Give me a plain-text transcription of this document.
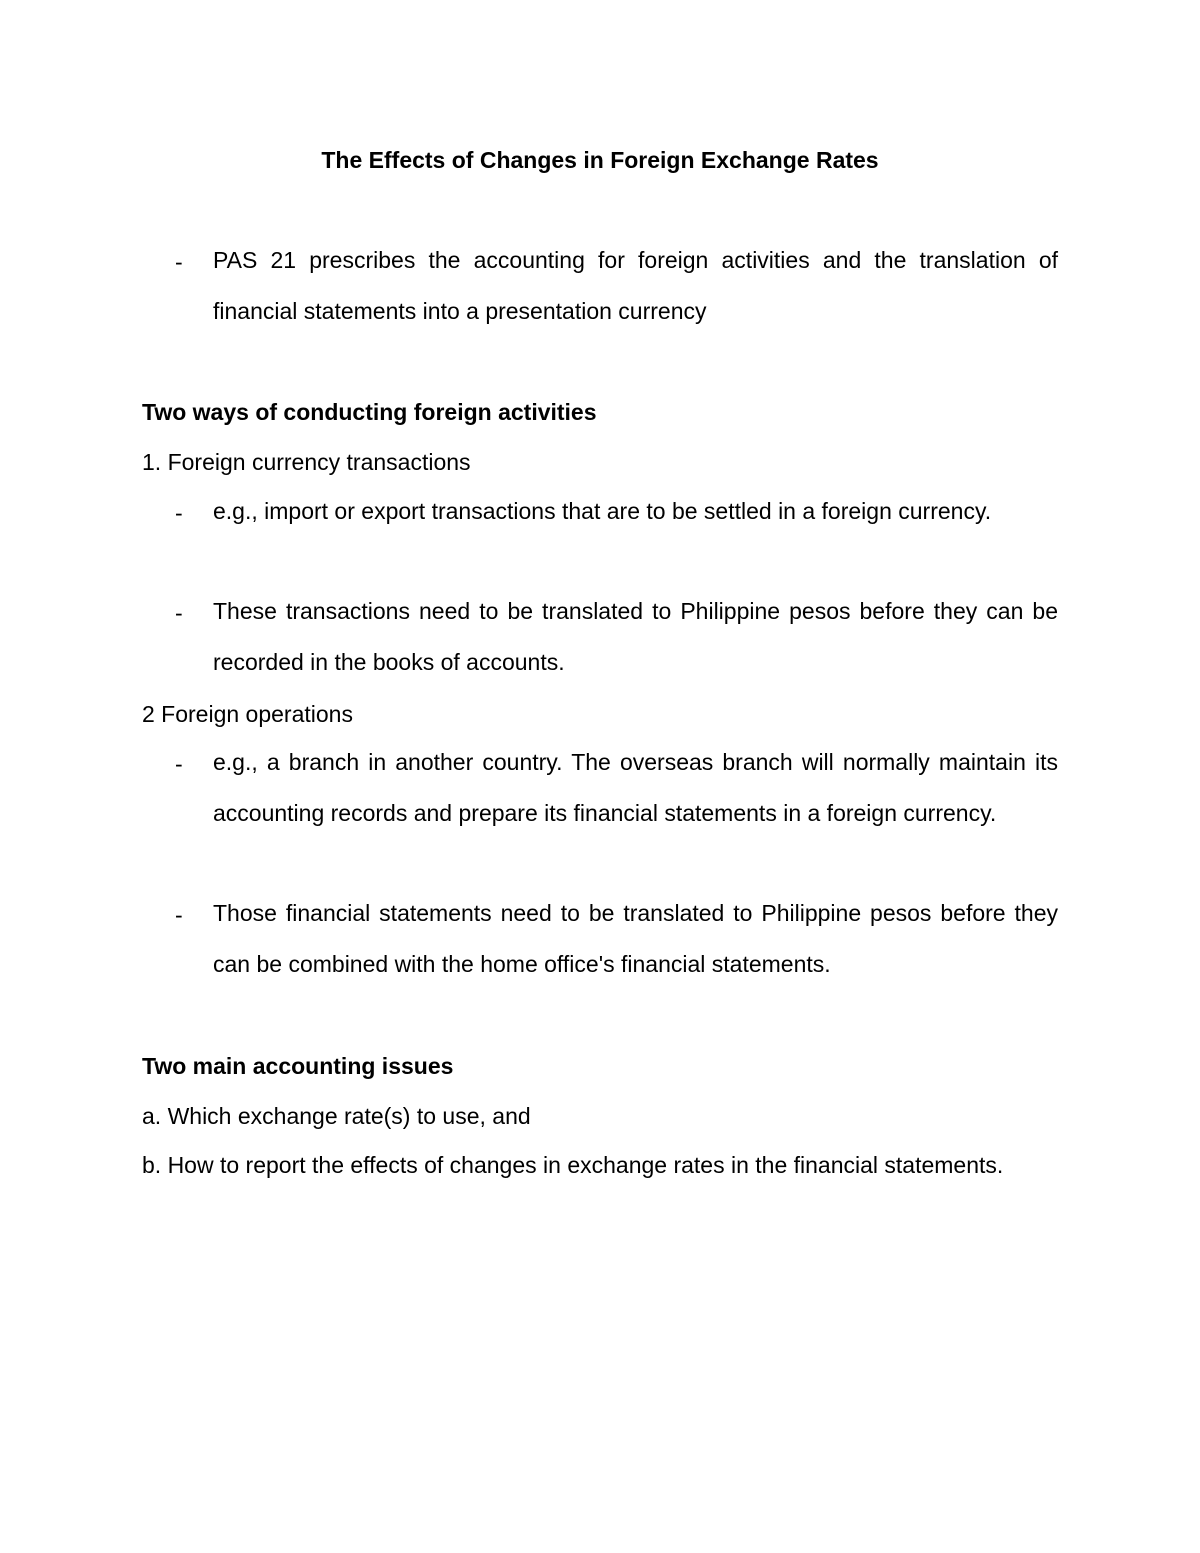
The Effects of Changes in Foreign Exchange Rates
- PAS 21 prescribes the accounting for foreign activities and the translation of financial statements into a presentation currency
Two ways of conducting foreign activities
1. Foreign currency transactions
- e.g., import or export transactions that are to be settled in a foreign currency.
- These transactions need to be translated to Philippine pesos before they can be recorded in the books of accounts.
2 Foreign operations
- e.g., a branch in another country. The overseas branch will normally maintain its accounting records and prepare its financial statements in a foreign currency.
- Those financial statements need to be translated to Philippine pesos before they can be combined with the home office's financial statements.
Two main accounting issues
a. Which exchange rate(s) to use, and
b. How to report the effects of changes in exchange rates in the financial statements.
